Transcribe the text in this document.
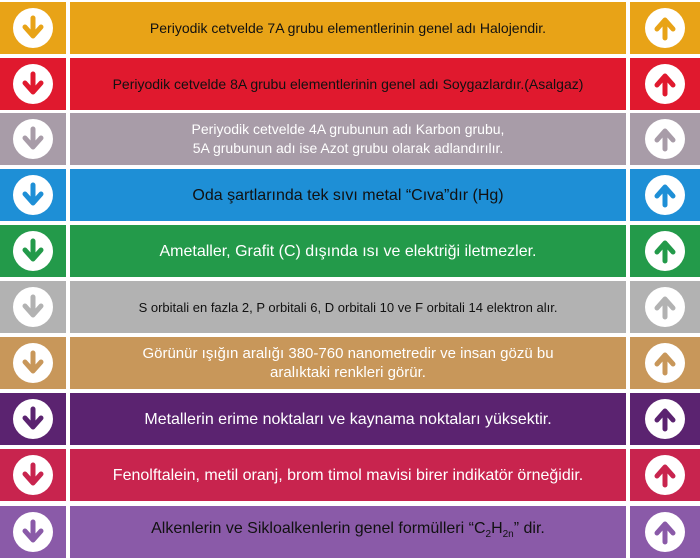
Periyodik cetvelde 7A grubu elementlerinin genel adı Halojendir.
Periyodik cetvelde 8A grubu elementlerinin genel adı Soygazlardır.(Asalgaz)
Periyodik cetvelde 4A grubunun adı Karbon grubu,
5A grubunun adı ise Azot grubu olarak adlandırılır.
Oda şartlarında tek sıvı metal “Cıva”dır (Hg)
Ametaller, Grafit (C) dışında ısı ve elektriği iletmezler.
S orbitali en fazla 2, P orbitali 6, D orbitali 10 ve F orbitali 14 elektron alır.
Görünür ışığın aralığı 380-760 nanometredir ve insan gözü bu
aralıktaki renkleri görür.
Metallerin erime noktaları ve kaynama noktaları yüksektir.
Fenolftalein, metil oranj, brom timol mavisi birer indikatör örneğidir.
Alkenlerin ve Sikloalkenlerin genel formülleri “$C_2H_{2n}$” dir.
